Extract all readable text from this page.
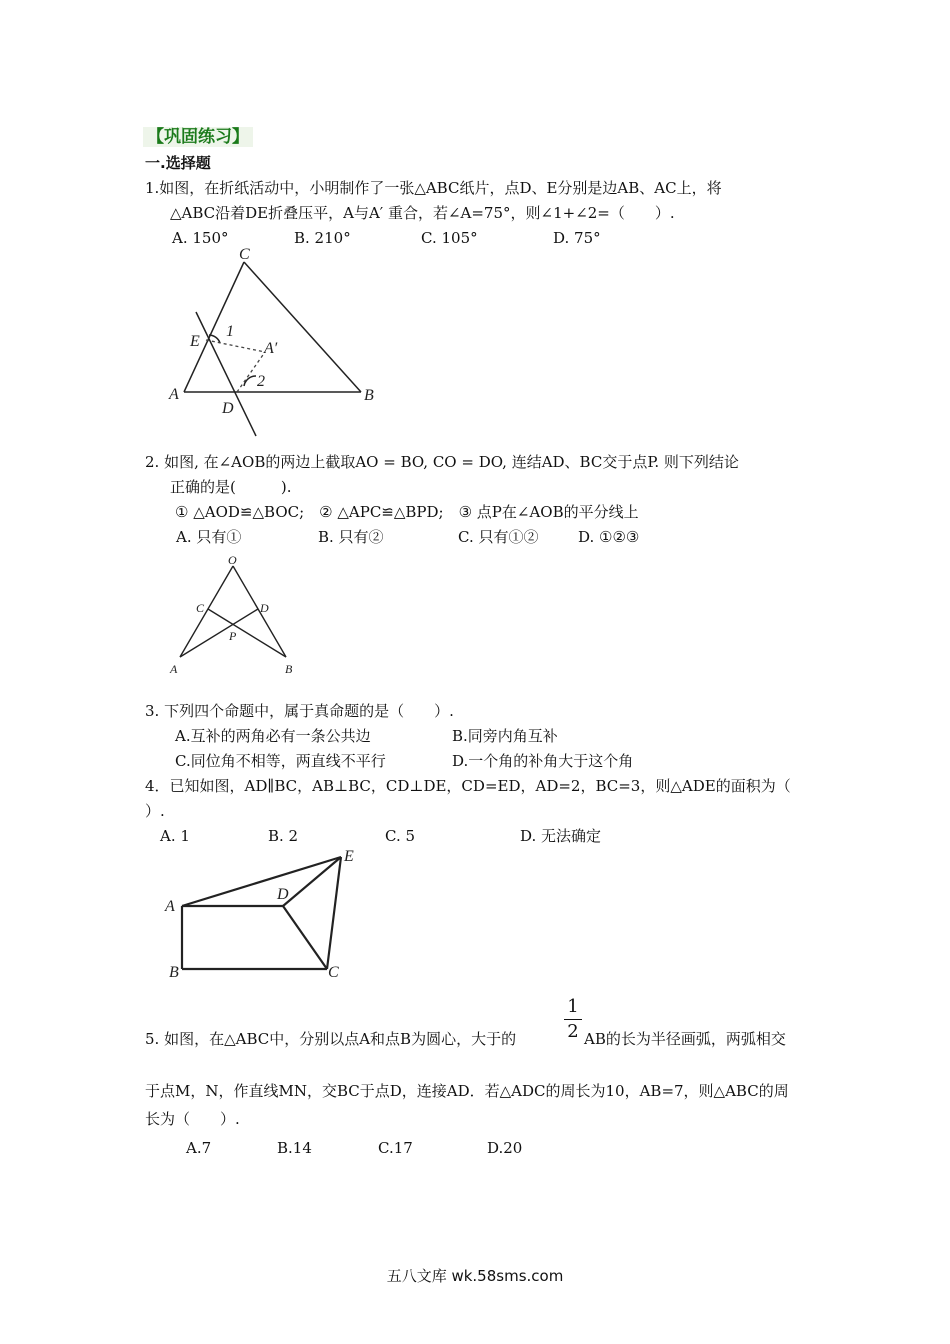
【巩固练习】
一.选择题
1.如图，在折纸活动中，小明制作了一张△ABC纸片，点D、E分别是边AB、AC上，将
△ABC沿着DE折叠压平，A与A′ 重合，若∠A=75°，则∠1+∠2=（　　）.
A. 150°	B. 210°	C. 105°	D. 75°
C
1
E	A′
2
A
D
B
2. 如图, 在∠AOB的两边上截取AO = BO, CO = DO, 连结AD、BC交于点P. 则下列结论
正确的是(　　　).
① △AOD≌△BOC;　② △APC≌△BPD;　③ 点P在∠AOB的平分线上
A. 只有①	B. 只有②	C. 只有①②	D. ①②③
O
C	D
P
A	B
3. 下列四个命题中，属于真命题的是（　　）.
A.互补的两角必有一条公共边	B.同旁内角互补
C.同位角不相等，两直线不平行	D.一个角的补角大于这个角
4．已知如图，AD∥BC，AB⊥BC，CD⊥DE，CD=ED，AD=2，BC=3，则△ADE的面积为（
）.
A. 1	B. 2	C. 5	D. 无法确定
E
D
A
B	C
1
2
5. 如图，在△ABC中，分别以点A和点B为圆心，大于的	AB的长为半径画弧，两弧相交
于点M，N，作直线MN，交BC于点D，连接AD．若△ADC的周长为10，AB=7，则△ABC的周
长为（　　）.
A.7	B.14	C.17	D.20
五八文库 wk.58sms.com
